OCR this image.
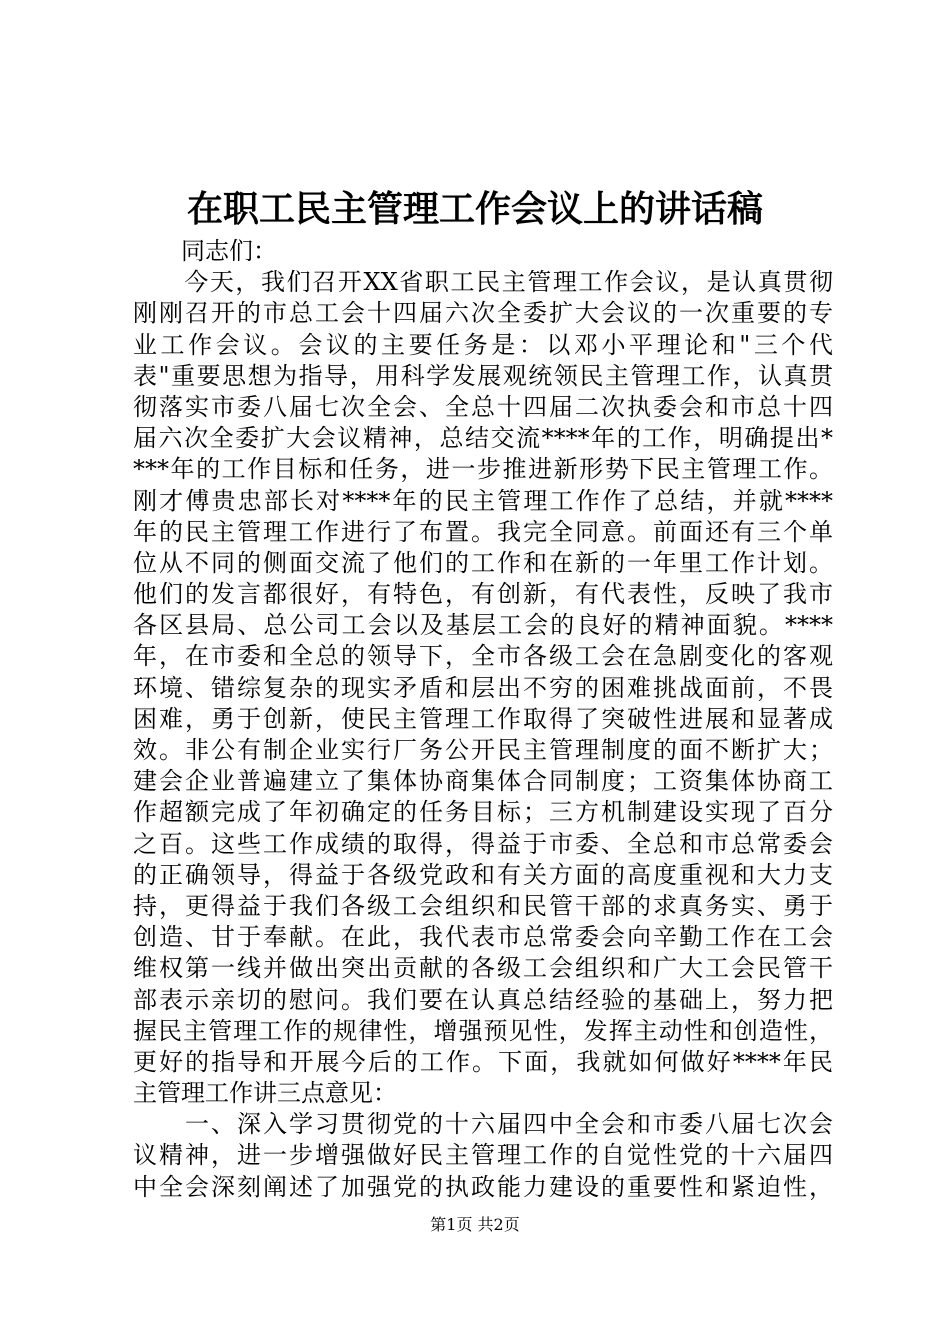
在职工民主管理工作会议上的讲话稿
　　同志们：
　　今天，我们召开XX省职工民主管理工作会议，是认真贯彻
刚刚召开的市总工会十四届六次全委扩大会议的一次重要的专
业工作会议。会议的主要任务是：以邓小平理论和"三个代
表"重要思想为指导，用科学发展观统领民主管理工作，认真贯
彻落实市委八届七次全会、全总十四届二次执委会和市总十四
届六次全委扩大会议精神，总结交流****年的工作，明确提出*
***年的工作目标和任务，进一步推进新形势下民主管理工作。
刚才傅贵忠部长对****年的民主管理工作作了总结，并就****
年的民主管理工作进行了布置。我完全同意。前面还有三个单
位从不同的侧面交流了他们的工作和在新的一年里工作计划。
他们的发言都很好，有特色，有创新，有代表性，反映了我市
各区县局、总公司工会以及基层工会的良好的精神面貌。****
年，在市委和全总的领导下，全市各级工会在急剧变化的客观
环境、错综复杂的现实矛盾和层出不穷的困难挑战面前，不畏
困难，勇于创新，使民主管理工作取得了突破性进展和显著成
效。非公有制企业实行厂务公开民主管理制度的面不断扩大；
建会企业普遍建立了集体协商集体合同制度；工资集体协商工
作超额完成了年初确定的任务目标；三方机制建设实现了百分
之百。这些工作成绩的取得，得益于市委、全总和市总常委会
的正确领导，得益于各级党政和有关方面的高度重视和大力支
持，更得益于我们各级工会组织和民管干部的求真务实、勇于
创造、甘于奉献。在此，我代表市总常委会向辛勤工作在工会
维权第一线并做出突出贡献的各级工会组织和广大工会民管干
部表示亲切的慰问。我们要在认真总结经验的基础上，努力把
握民主管理工作的规律性，增强预见性，发挥主动性和创造性，
更好的指导和开展今后的工作。下面，我就如何做好****年民
主管理工作讲三点意见：
　　一、深入学习贯彻党的十六届四中全会和市委八届七次会
议精神，进一步增强做好民主管理工作的自觉性党的十六届四
中全会深刻阐述了加强党的执政能力建设的重要性和紧迫性，
第1页 共2页
